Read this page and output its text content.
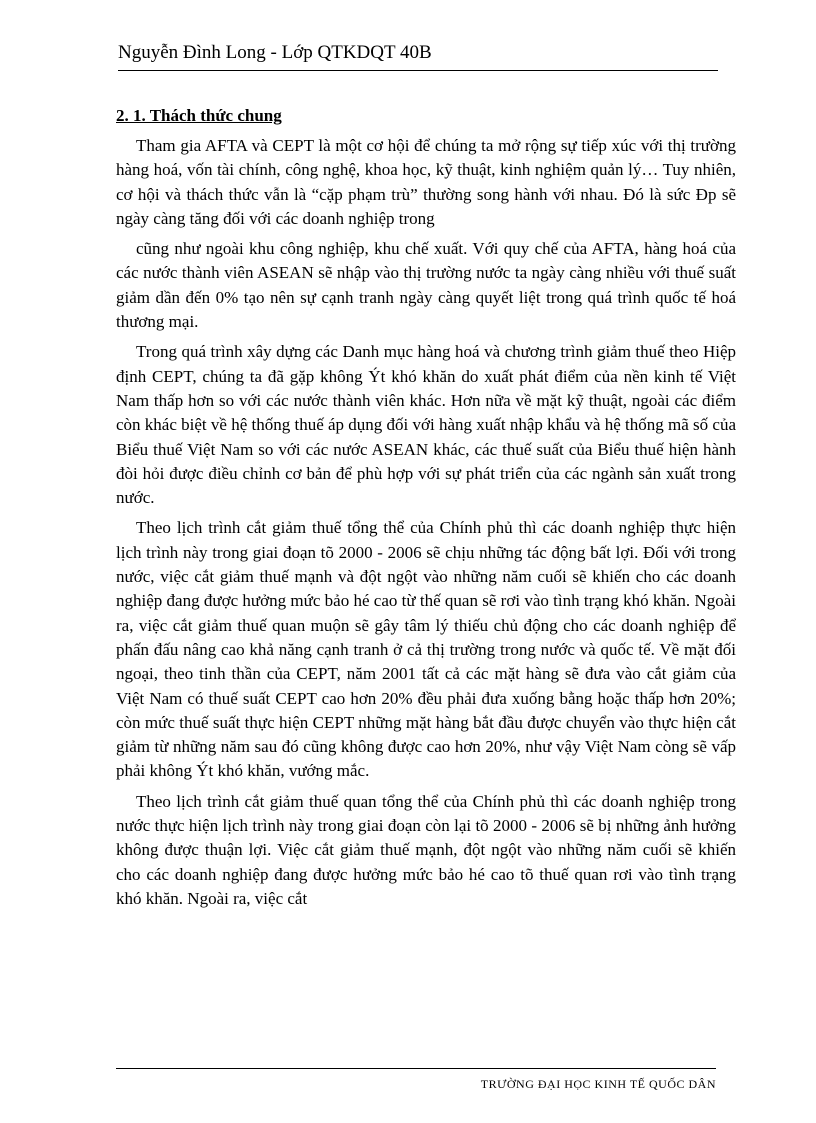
Nguyễn Đình Long - Lớp QTKDQT 40B
2. 1. Thách thức chung

Tham gia AFTA và CEPT là một cơ hội để chúng ta mở rộng sự tiếp xúc với thị trường hàng hoá, vốn tài chính, công nghệ, khoa học, kỹ thuật, kinh nghiệm quản lý… Tuy nhiên, cơ hội và thách thức vẫn là “cặp phạm trù” thường song hành với nhau. Đó là sức Đp sẽ ngày càng tăng đối với các doanh nghiệp trong

cũng như ngoài khu công nghiệp, khu chế xuất. Với quy chế của AFTA, hàng hoá của các nước thành viên ASEAN sẽ nhập vào thị trường nước ta ngày càng nhiều với thuế suất giảm dần đến 0% tạo nên sự cạnh tranh ngày càng quyết liệt trong quá trình quốc tế hoá thương mại.

Trong quá trình xây dựng các Danh mục hàng hoá và chương trình giảm thuế theo Hiệp định CEPT, chúng ta đã gặp không Ýt khó khăn do xuất phát điểm của nền kinh tế Việt Nam thấp hơn so với các nước thành viên khác. Hơn nữa về mặt kỹ thuật, ngoài các điểm còn khác biệt về hệ thống thuế áp dụng đối với hàng xuất nhập khẩu và hệ thống mã số của Biểu thuế Việt Nam so với các nước ASEAN khác, các thuế suất của Biểu thuế hiện hành đòi hỏi được điều chỉnh cơ bản để phù hợp với sự phát triển của các ngành sản xuất trong nước.

Theo lịch trình cắt giảm thuế tổng thể của Chính phủ thì các doanh nghiệp thực hiện lịch trình này trong giai đoạn tõ 2000 - 2006 sẽ chịu những tác động bất lợi. Đối với trong nước, việc cắt giảm thuế mạnh và đột ngột vào những năm cuối sẽ khiến cho các doanh nghiệp đang được hưởng mức bảo hé cao từ thế quan sẽ rơi vào tình trạng khó khăn. Ngoài ra, việc cắt giảm thuế quan muộn sẽ gây tâm lý thiếu chủ động cho các doanh nghiệp để phấn đấu nâng cao khả năng cạnh tranh ở cả thị trường trong nước và quốc tế. Về mặt đối ngoại, theo tinh thần của CEPT, năm 2001 tất cả các mặt hàng sẽ đưa vào cắt giảm của Việt Nam có thuế suất CEPT cao hơn 20% đều phải đưa xuống bằng hoặc thấp hơn 20%; còn mức thuế suất thực hiện CEPT những mặt hàng bắt đầu được chuyển vào thực hiện cắt giảm từ những năm sau đó cũng không được cao hơn 20%, như vậy Việt Nam còng sẽ vấp phải không Ýt khó khăn, vướng mắc.

Theo lịch trình cắt giảm thuế quan tổng thể của Chính phủ thì các doanh nghiệp trong nước thực hiện lịch trình này trong giai đoạn còn lại tõ 2000 - 2006 sẽ bị những ảnh hưởng không được thuận lợi. Việc cắt giảm thuế mạnh, đột ngột vào những năm cuối sẽ khiến cho các doanh nghiệp đang được hưởng mức bảo hé cao tõ thuế quan rơi vào tình trạng khó khăn. Ngoài ra, việc cắt

TRƯỜNG ĐẠI HỌC KINH TẾ QUỐC DÂN
